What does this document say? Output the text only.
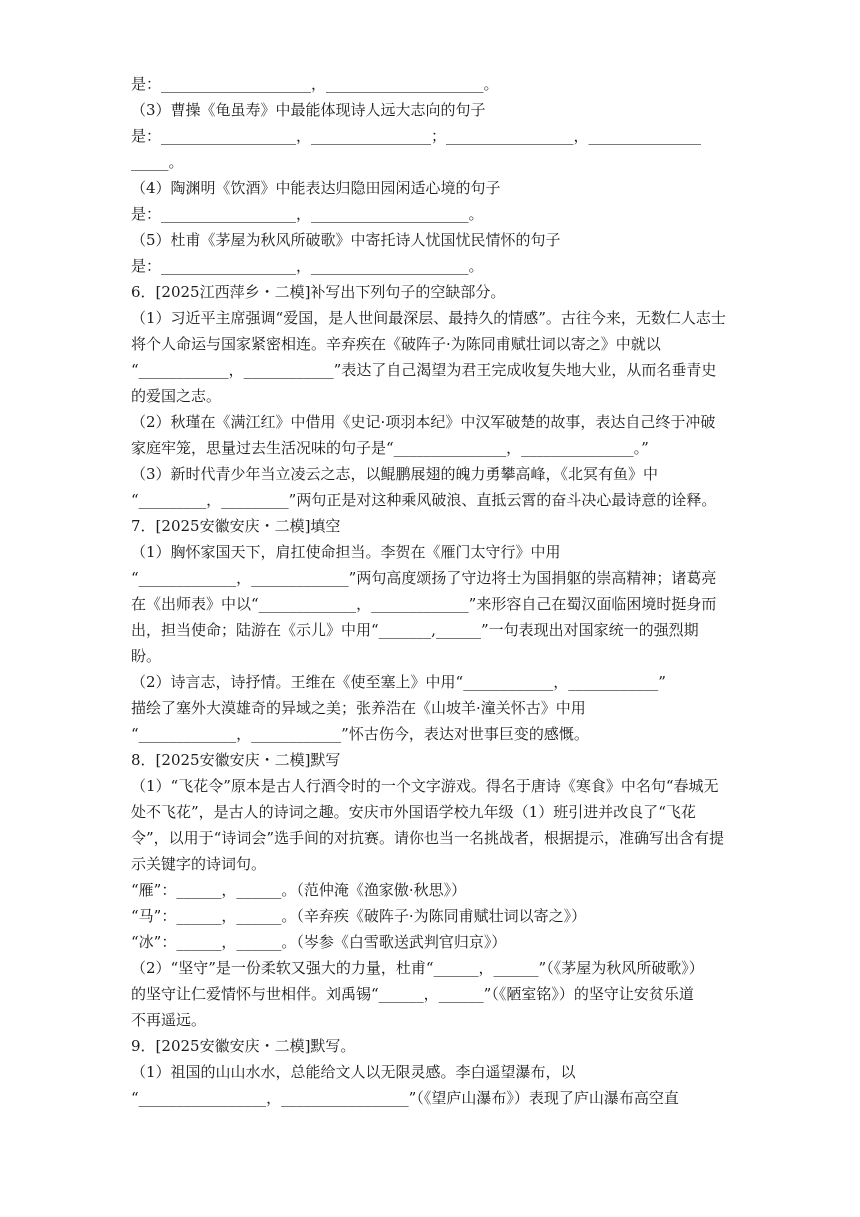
是：____________________，_____________________。
（3）曹操《龟虽寿》中最能体现诗人远大志向的句子
是：__________________，________________；_________________，_______________
_____。
（4）陶渊明《饮酒》中能表达归隐田园闲适心境的句子
是：__________________，_____________________。
（5）杜甫《茅屋为秋风所破歌》中寄托诗人忧国忧民情怀的句子
是：__________________，_____________________。
6．[2025江西萍乡・二模]补写出下列句子的空缺部分。
（1）习近平主席强调“爱国，是人世间最深层、最持久的情感”。古往今来，无数仁人志士
将个人命运与国家紧密相连。辛弃疾在《破阵子·为陈同甫赋壮词以寄之》中就以
“____________，____________”表达了自己渴望为君王完成收复失地大业，从而名垂青史
的爱国之志。
（2）秋瑾在《满江红》中借用《史记·项羽本纪》中汉军破楚的故事，表达自己终于冲破
家庭牢笼，思量过去生活况味的句子是“_______________，_______________。”
（3）新时代青少年当立凌云之志，以鲲鹏展翅的魄力勇攀高峰，《北冥有鱼》中
“_________，_________”两句正是对这种乘风破浪、直抵云霄的奋斗决心最诗意的诠释。
7．[2025安徽安庆・二模]填空
（1）胸怀家国天下，肩扛使命担当。李贺在《雁门太守行》中用
“_____________，_____________”两句高度颂扬了守边将士为国捐躯的崇高精神；诸葛亮
在《出师表》中以“_____________，_____________”来形容自己在蜀汉面临困境时挺身而
出，担当使命；陆游在《示儿》中用“_______,______”一句表现出对国家统一的强烈期
盼。
（2）诗言志，诗抒情。王维在《使至塞上》中用“____________，____________”
描绘了塞外大漠雄奇的异域之美；张养浩在《山坡羊·潼关怀古》中用
“_____________，____________”怀古伤今，表达对世事巨变的感慨。
8．[2025安徽安庆・二模]默写
（1）“飞花令”原本是古人行酒令时的一个文字游戏。得名于唐诗《寒食》中名句“春城无
处不飞花”，是古人的诗词之趣。安庆市外国语学校九年级（1）班引进并改良了“飞花
令”，以用于“诗词会”选手间的对抗赛。请你也当一名挑战者，根据提示，准确写出含有提
示关键字的诗词句。
“雁”：______，______。（范仲淹《渔家傲·秋思》）
“马”：______，______。（辛弃疾《破阵子·为陈同甫赋壮词以寄之》）
“冰”：______，______。（岑参《白雪歌送武判官归京》）
（2）“坚守”是一份柔软又强大的力量，杜甫“______，______”（《茅屋为秋风所破歌》）
的坚守让仁爱情怀与世相伴。刘禹锡“______，______”（《陋室铭》）的坚守让安贫乐道
不再遥远。
9．[2025安徽安庆・二模]默写。
（1）祖国的山山水水，总能给文人以无限灵感。李白遥望瀑布，以
“_________________，_________________”（《望庐山瀑布》）表现了庐山瀑布高空直
